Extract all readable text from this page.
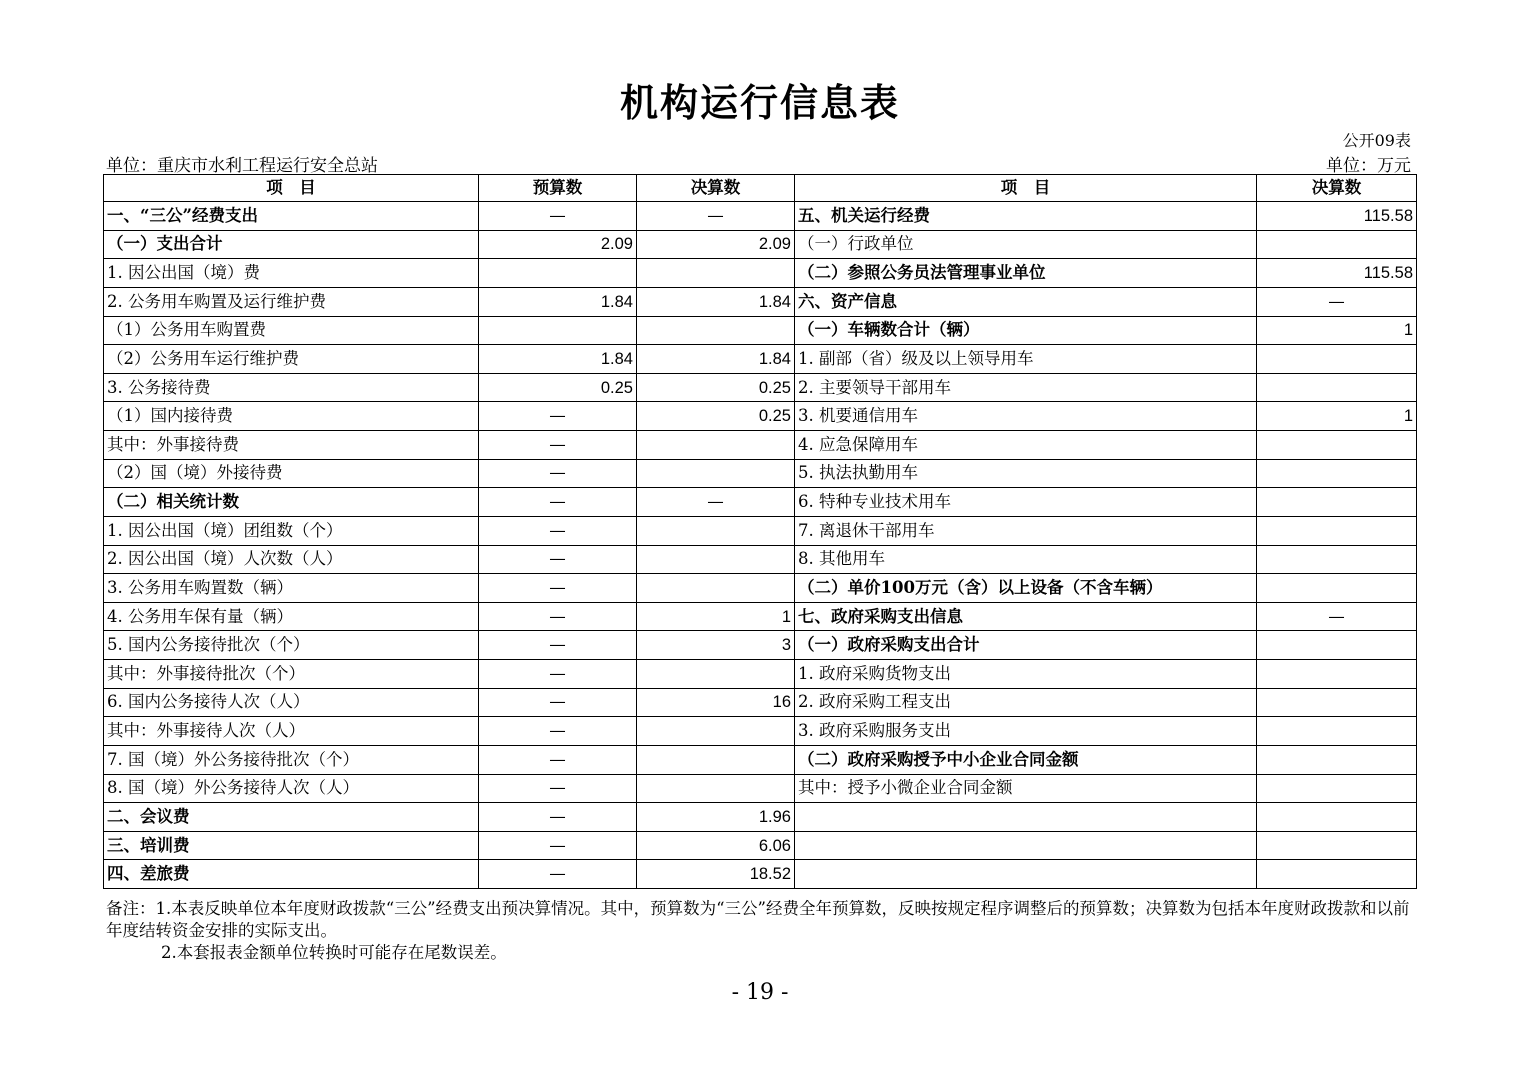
机构运行信息表
公开09表
单位：重庆市水利工程运行安全总站	单位：万元
项　目	预算数	决算数	项　目	决算数
一、“三公”经费支出	—	—	五、机关运行经费	115.58
（一）支出合计	2.09	2.09	（一）行政单位	
1. 因公出国（境）费			（二）参照公务员法管理事业单位	115.58
2. 公务用车购置及运行维护费	1.84	1.84	六、资产信息	—
（1）公务用车购置费			（一）车辆数合计（辆）	1
（2）公务用车运行维护费	1.84	1.84	1. 副部（省）级及以上领导用车	
3. 公务接待费	0.25	0.25	2. 主要领导干部用车	
（1）国内接待费	—	0.25	3. 机要通信用车	1
其中：外事接待费	—		4. 应急保障用车	
（2）国（境）外接待费	—		5. 执法执勤用车	
（二）相关统计数	—	—	6. 特种专业技术用车	
1. 因公出国（境）团组数（个）	—		7. 离退休干部用车	
2. 因公出国（境）人次数（人）	—		8. 其他用车	
3. 公务用车购置数（辆）	—		（二）单价100万元（含）以上设备（不含车辆）	
4. 公务用车保有量（辆）	—	1	七、政府采购支出信息	—
5. 国内公务接待批次（个）	—	3	（一）政府采购支出合计	
其中：外事接待批次（个）	—		1. 政府采购货物支出	
6. 国内公务接待人次（人）	—	16	2. 政府采购工程支出	
其中：外事接待人次（人）	—		3. 政府采购服务支出	
7. 国（境）外公务接待批次（个）	—		（二）政府采购授予中小企业合同金额	
8. 国（境）外公务接待人次（人）	—		其中：授予小微企业合同金额	
二、会议费	—	1.96		
三、培训费	—	6.06		
四、差旅费	—	18.52		
备注：1.本表反映单位本年度财政拨款“三公”经费支出预决算情况。其中，预算数为“三公”经费全年预算数，反映按规定程序调整后的预算数；决算数为包括本年度财政拨款和以前年度结转资金安排的实际支出。
2.本套报表金额单位转换时可能存在尾数误差。
- 19 -
